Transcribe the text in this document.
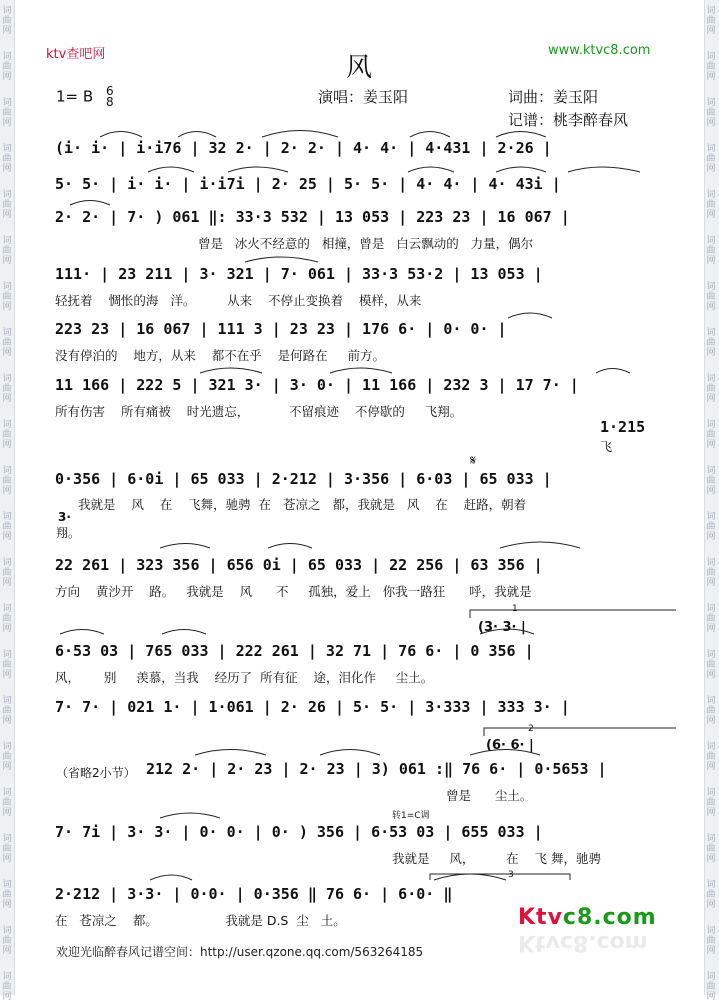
词
曲
网
词
曲
网
词
曲
网
词
曲
网
词
曲
网
词
曲
网
词
曲
网
词
曲
网
词
曲
网
词
曲
网
词
曲
网
词
曲
网
词
曲
网
词
曲
网
词
曲
网
词
曲
网
词
曲
网
词
曲
网
词
曲
网
词
曲
网
词
曲
网
词
曲
网
词
曲
网
词
曲
网
词
曲
网
词
曲
网
词
曲
网
词
曲
网
词
曲
网
词
曲
网
词
曲
网
词
曲
网
词
曲
网
词
曲
网
词
曲
网
词
曲
网
词
曲
网
词
曲
网
词
曲
网
词
曲
网
词
曲
网
词
曲
网
词
曲
网
词
曲
网
ktv查吧网	www.ktvc8.com
风
1= B 6
8	演唱：姜玉阳	词曲：姜玉阳
记谱：桃李醉春风
(i· i· | i·i76 | 32 2· | 2· 2· | 4· 4· | 4·431 | 2·26 |
5· 5· | i· i· | i·i7i | 2· 25 | 5· 5· | 4· 4· | 4· 43i |
2· 2· | 7· ) 061 ‖: 33·3 532 | 13 053 | 223 23 | 16 067 |
曾是   冰火不经意的   相撞，曾是   白云飘动的   力量，偶尔
111· | 23 211 | 3· 321 | 7· 061 | 33·3 53·2 | 13 053 |
轻抚着    惆怅的海   洋。        从来    不停止变换着    模样，从来
223 23 | 16 067 | 111 3 | 23 23 | 176 6· | 0· 0· |
没有停泊的    地方，从来    都不在乎    是何路在     前方。
11 166 | 222 5 | 321 3· | 3· 0· | 11 166 | 232 3 | 17 7· |
所有伤害    所有痛被    时光遗忘，          不留痕迹    不停歇的     飞翔。
1·215
飞
𝄋
0·356 | 6·0i | 65 033 | 2·212 | 3·356 | 6·03 | 65 033 |
我就是    风    在    飞舞，驰骋  在   苍凉之   都，我就是   风    在    赶路，朝着
3·
翔。
22 261 | 323 356 | 656 0i | 65 033 | 22 256 | 63 356 |
方向    黄沙开    路。   我就是    风      不     孤独，爱上   你我一路狂      呼，我就是
1
(3· 3· |
6·53 03 | 765 033 | 222 261 | 32 71 | 76 6· | 0 356 |
风，      别     羡慕，当我    经历了  所有征    途，泪化作     尘土。
7· 7· | 021 1· | 1·061 | 2· 26 | 5· 5· | 3·333 | 333 3· |
2
(6· 6· |
（省略2小节） 212 2· | 2· 23 | 2· 23 | 3) 061 :‖ 76 6· | 0·5653 |
曾是      尘土。
转1=C调
7· 7i | 3· 3· | 0· 0· | 0· ) 356 | 6·53 03 | 655 033 |
我就是     风，        在    飞 舞，驰骋
3
2·212 | 3·3· | 0·0· | 0·356 ‖ 76 6· | 6·0· ‖
在   苍凉之    都。                 我就是 D.S  尘   土。	Ktvc8.com
Ktvc8.com
欢迎光临醉春风记谱空间：http://user.qzone.qq.com/563264185
